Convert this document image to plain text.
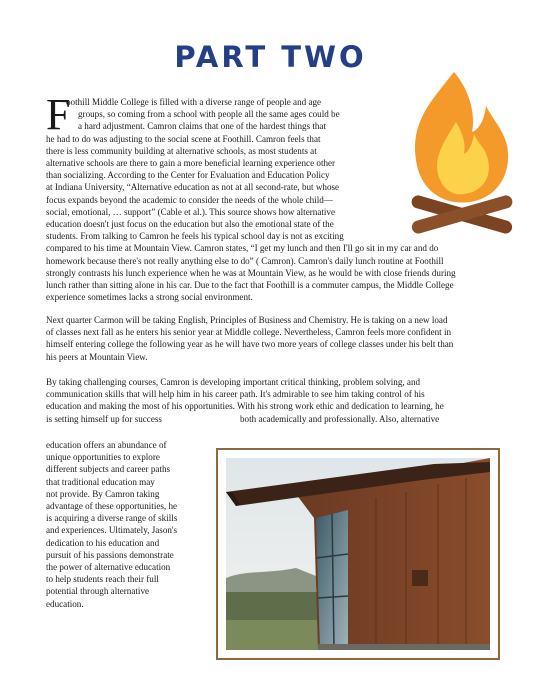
PART TWO
F
oothill Middle College is filled with a diverse range of people and age
groups, so coming from a school with people all the same ages could be
a hard adjustment. Camron claims that one of the hardest things that
he had to do was adjusting to the social scene at Foothill. Camron feels that
there is less community building at alternative schools, as most students at
alternative schools are there to gain a more beneficial learning experience other
than socializing. According to the Center for Evaluation and Education Policy
at Indiana University, “Alternative education as not at all second-rate, but whose
focus expands beyond the academic to consider the needs of the whole child—
social, emotional, … support” (Cable et al.). This source shows how alternative
education doesn't just focus on the education but also the emotional state of the
students. From talking to Camron he feels his typical school day is not as exciting
compared to his time at Mountain View. Camron states, “I get my lunch and then I'll go sit in my car and do
homework because there's not really anything else to do” ( Camron). Camron's daily lunch routine at Foothill
strongly contrasts his lunch experience when he was at Mountain View, as he would be with close friends during
lunch rather than sitting alone in his car. Due to the fact that Foothill is a commuter campus, the Middle College
experience sometimes lacks a strong social environment.
Next quarter Carmon will be taking English, Principles of Business and Chemistry. He is taking on a new load
of classes next fall as he enters his senior year at Middle college. Nevertheless, Camron feels more confident in
himself entering college the following year as he will have two more years of college classes under his belt than
his peers at Mountain View.
By taking challenging courses, Camron is developing important critical thinking, problem solving, and
communication skills that will help him in his career path. It's admirable to see him taking control of his
education and making the most of his opportunities. With his strong work ethic and dedication to learning, he
is setting himself up for success	both academically and professionally. Also, alternative
education offers an abundance of
unique opportunities to explore
different subjects and career paths
that traditional education may
not provide. By Camron taking
advantage of these opportunities, he
is acquiring a diverse range of skills
and experiences. Ultimately, Jason's
dedication to his education and
pursuit of his passions demonstrate
the power of alternative education
to help students reach their full
potential through alternative
education.
